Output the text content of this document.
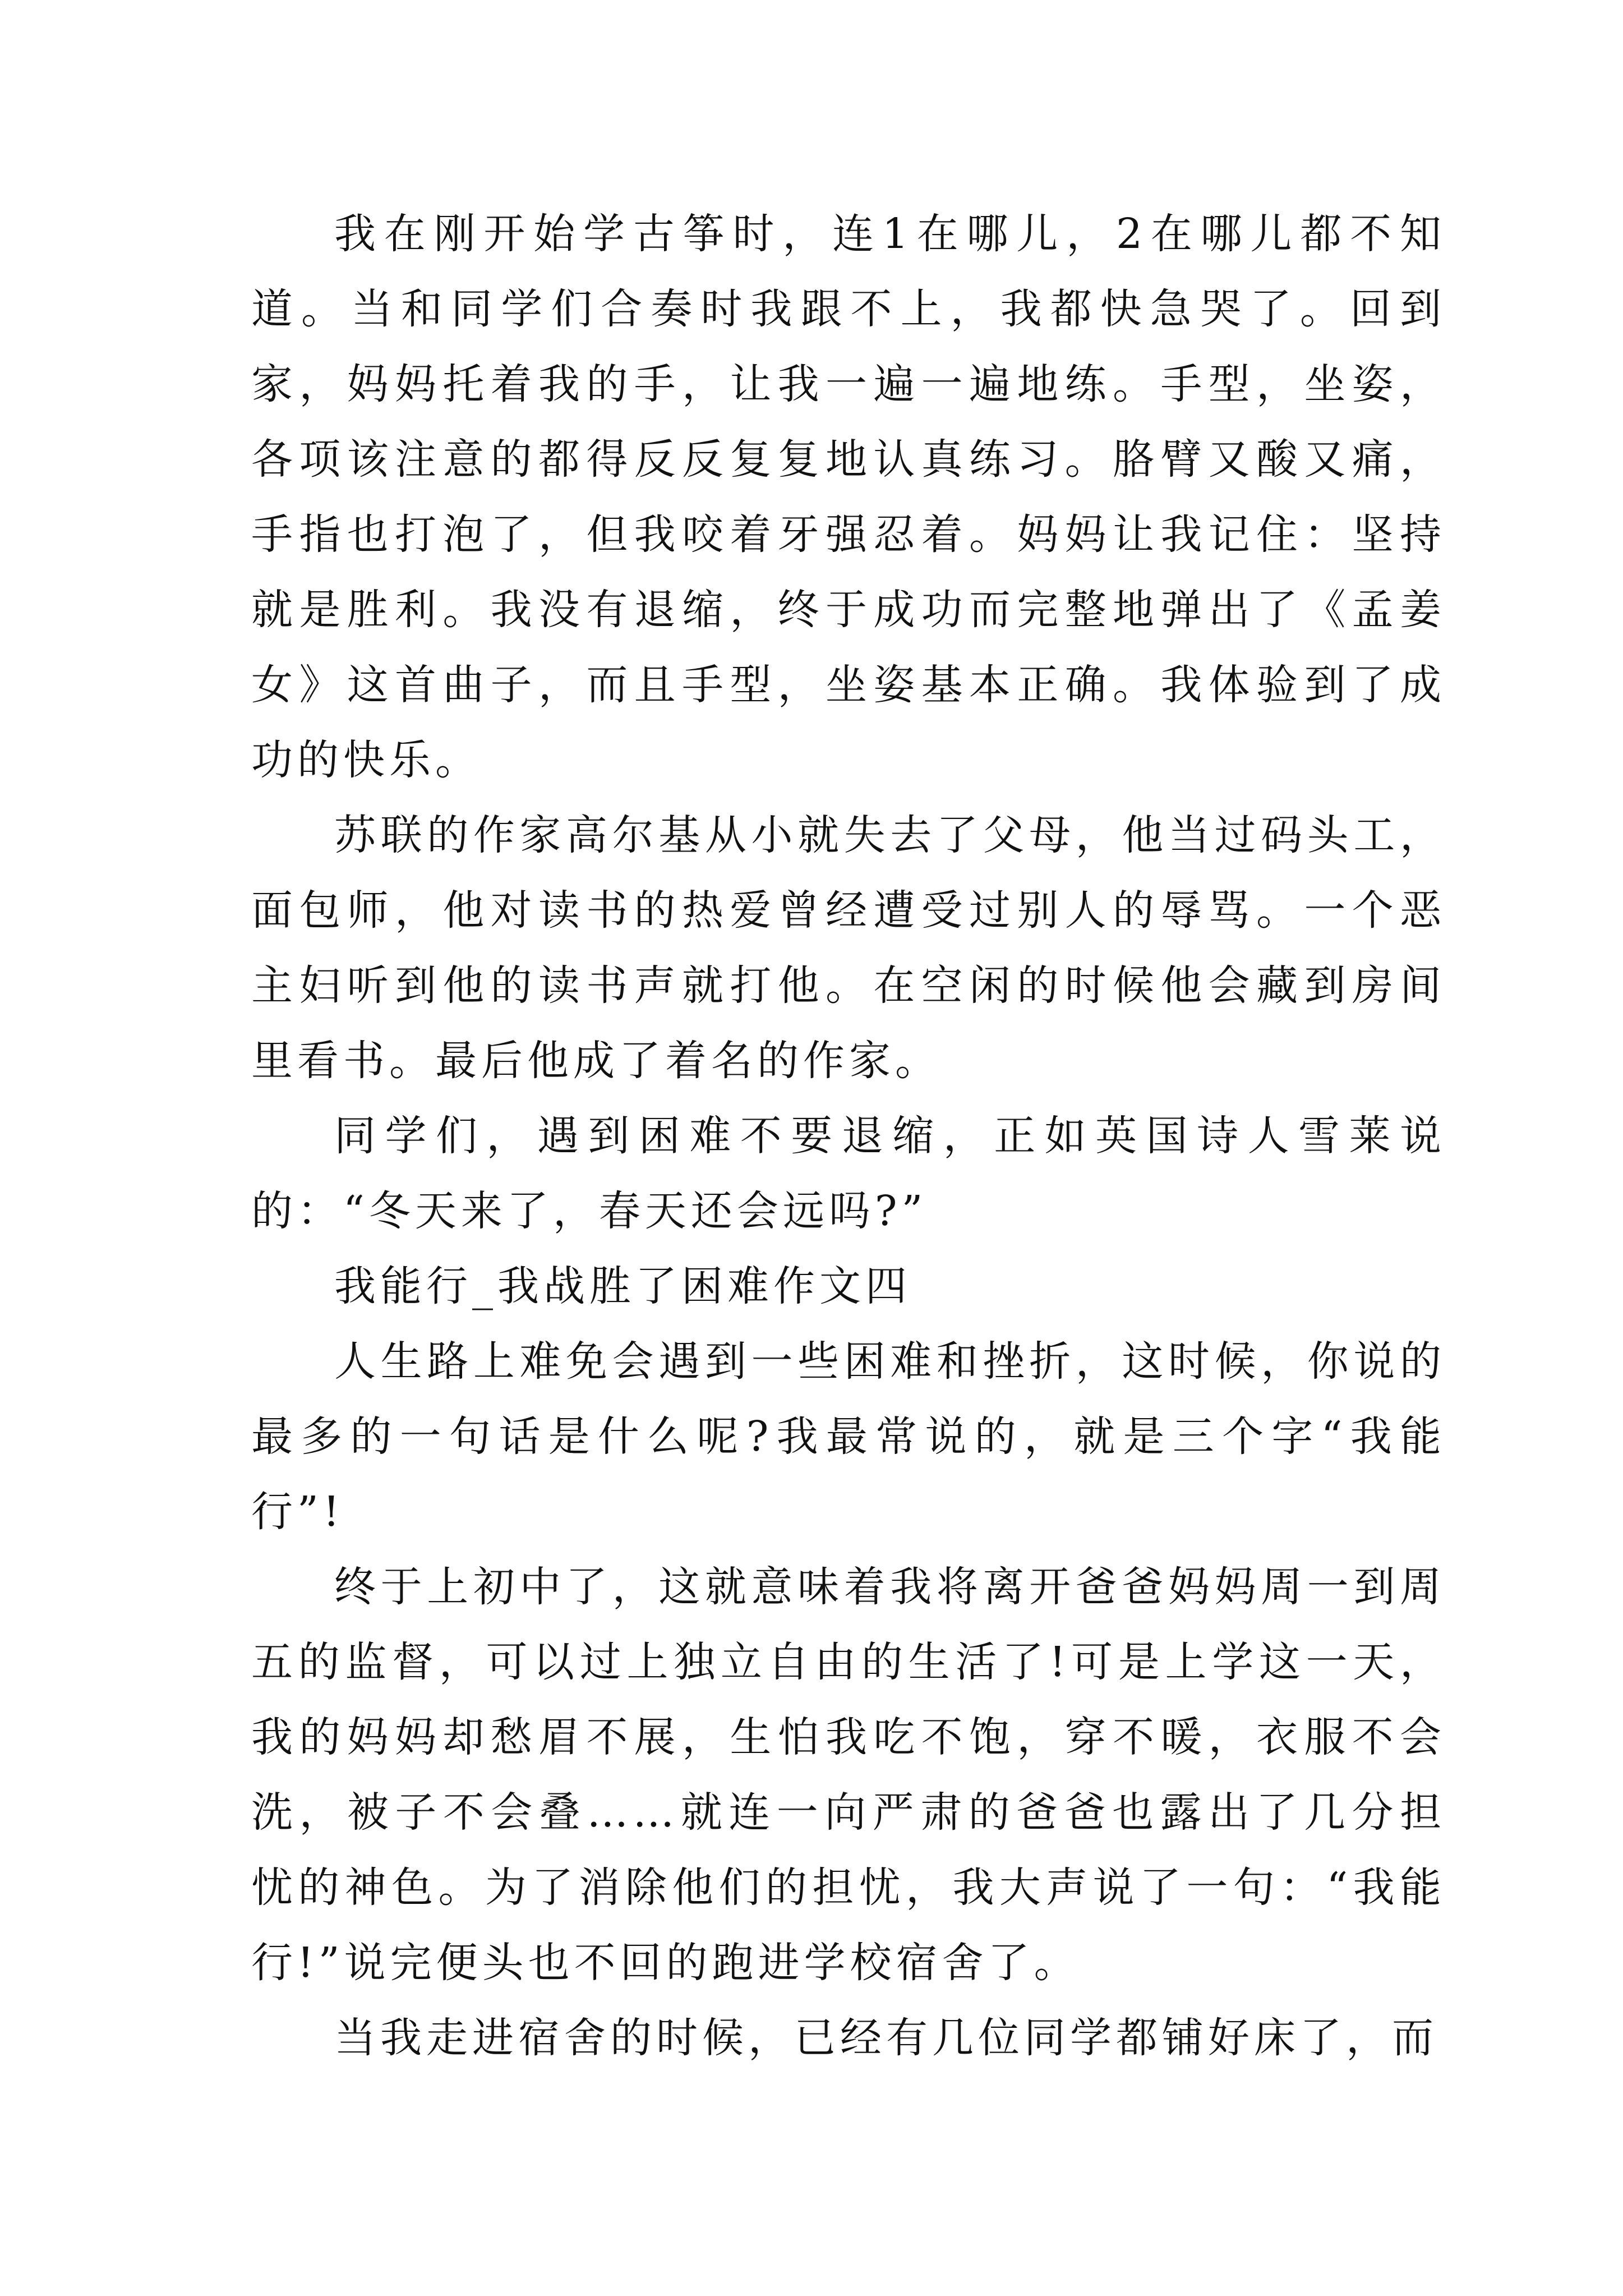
我在刚开始学古筝时，连1在哪儿，2在哪儿都不知道。当和同学们合奏时我跟不上，我都快急哭了。回到家，妈妈托着我的手，让我一遍一遍地练。手型，坐姿，各项该注意的都得反反复复地认真练习。胳臂又酸又痛，手指也打泡了，但我咬着牙强忍着。妈妈让我记住：坚持就是胜利。我没有退缩，终于成功而完整地弹出了《孟姜女》这首曲子，而且手型，坐姿基本正确。我体验到了成功的快乐。

苏联的作家高尔基从小就失去了父母，他当过码头工，面包师，他对读书的热爱曾经遭受过别人的辱骂。一个恶主妇听到他的读书声就打他。在空闲的时候他会藏到房间里看书。最后他成了着名的作家。

同学们，遇到困难不要退缩，正如英国诗人雪莱说的：“冬天来了，春天还会远吗?”

我能行_我战胜了困难作文四

人生路上难免会遇到一些困难和挫折，这时候，你说的最多的一句话是什么呢?我最常说的，就是三个字“我能行”!

终于上初中了，这就意味着我将离开爸爸妈妈周一到周五的监督，可以过上独立自由的生活了!可是上学这一天，我的妈妈却愁眉不展，生怕我吃不饱，穿不暖，衣服不会洗，被子不会叠……就连一向严肃的爸爸也露出了几分担忧的神色。为了消除他们的担忧，我大声说了一句：“我能行!”说完便头也不回的跑进学校宿舍了。

当我走进宿舍的时候，已经有几位同学都铺好床了，而
